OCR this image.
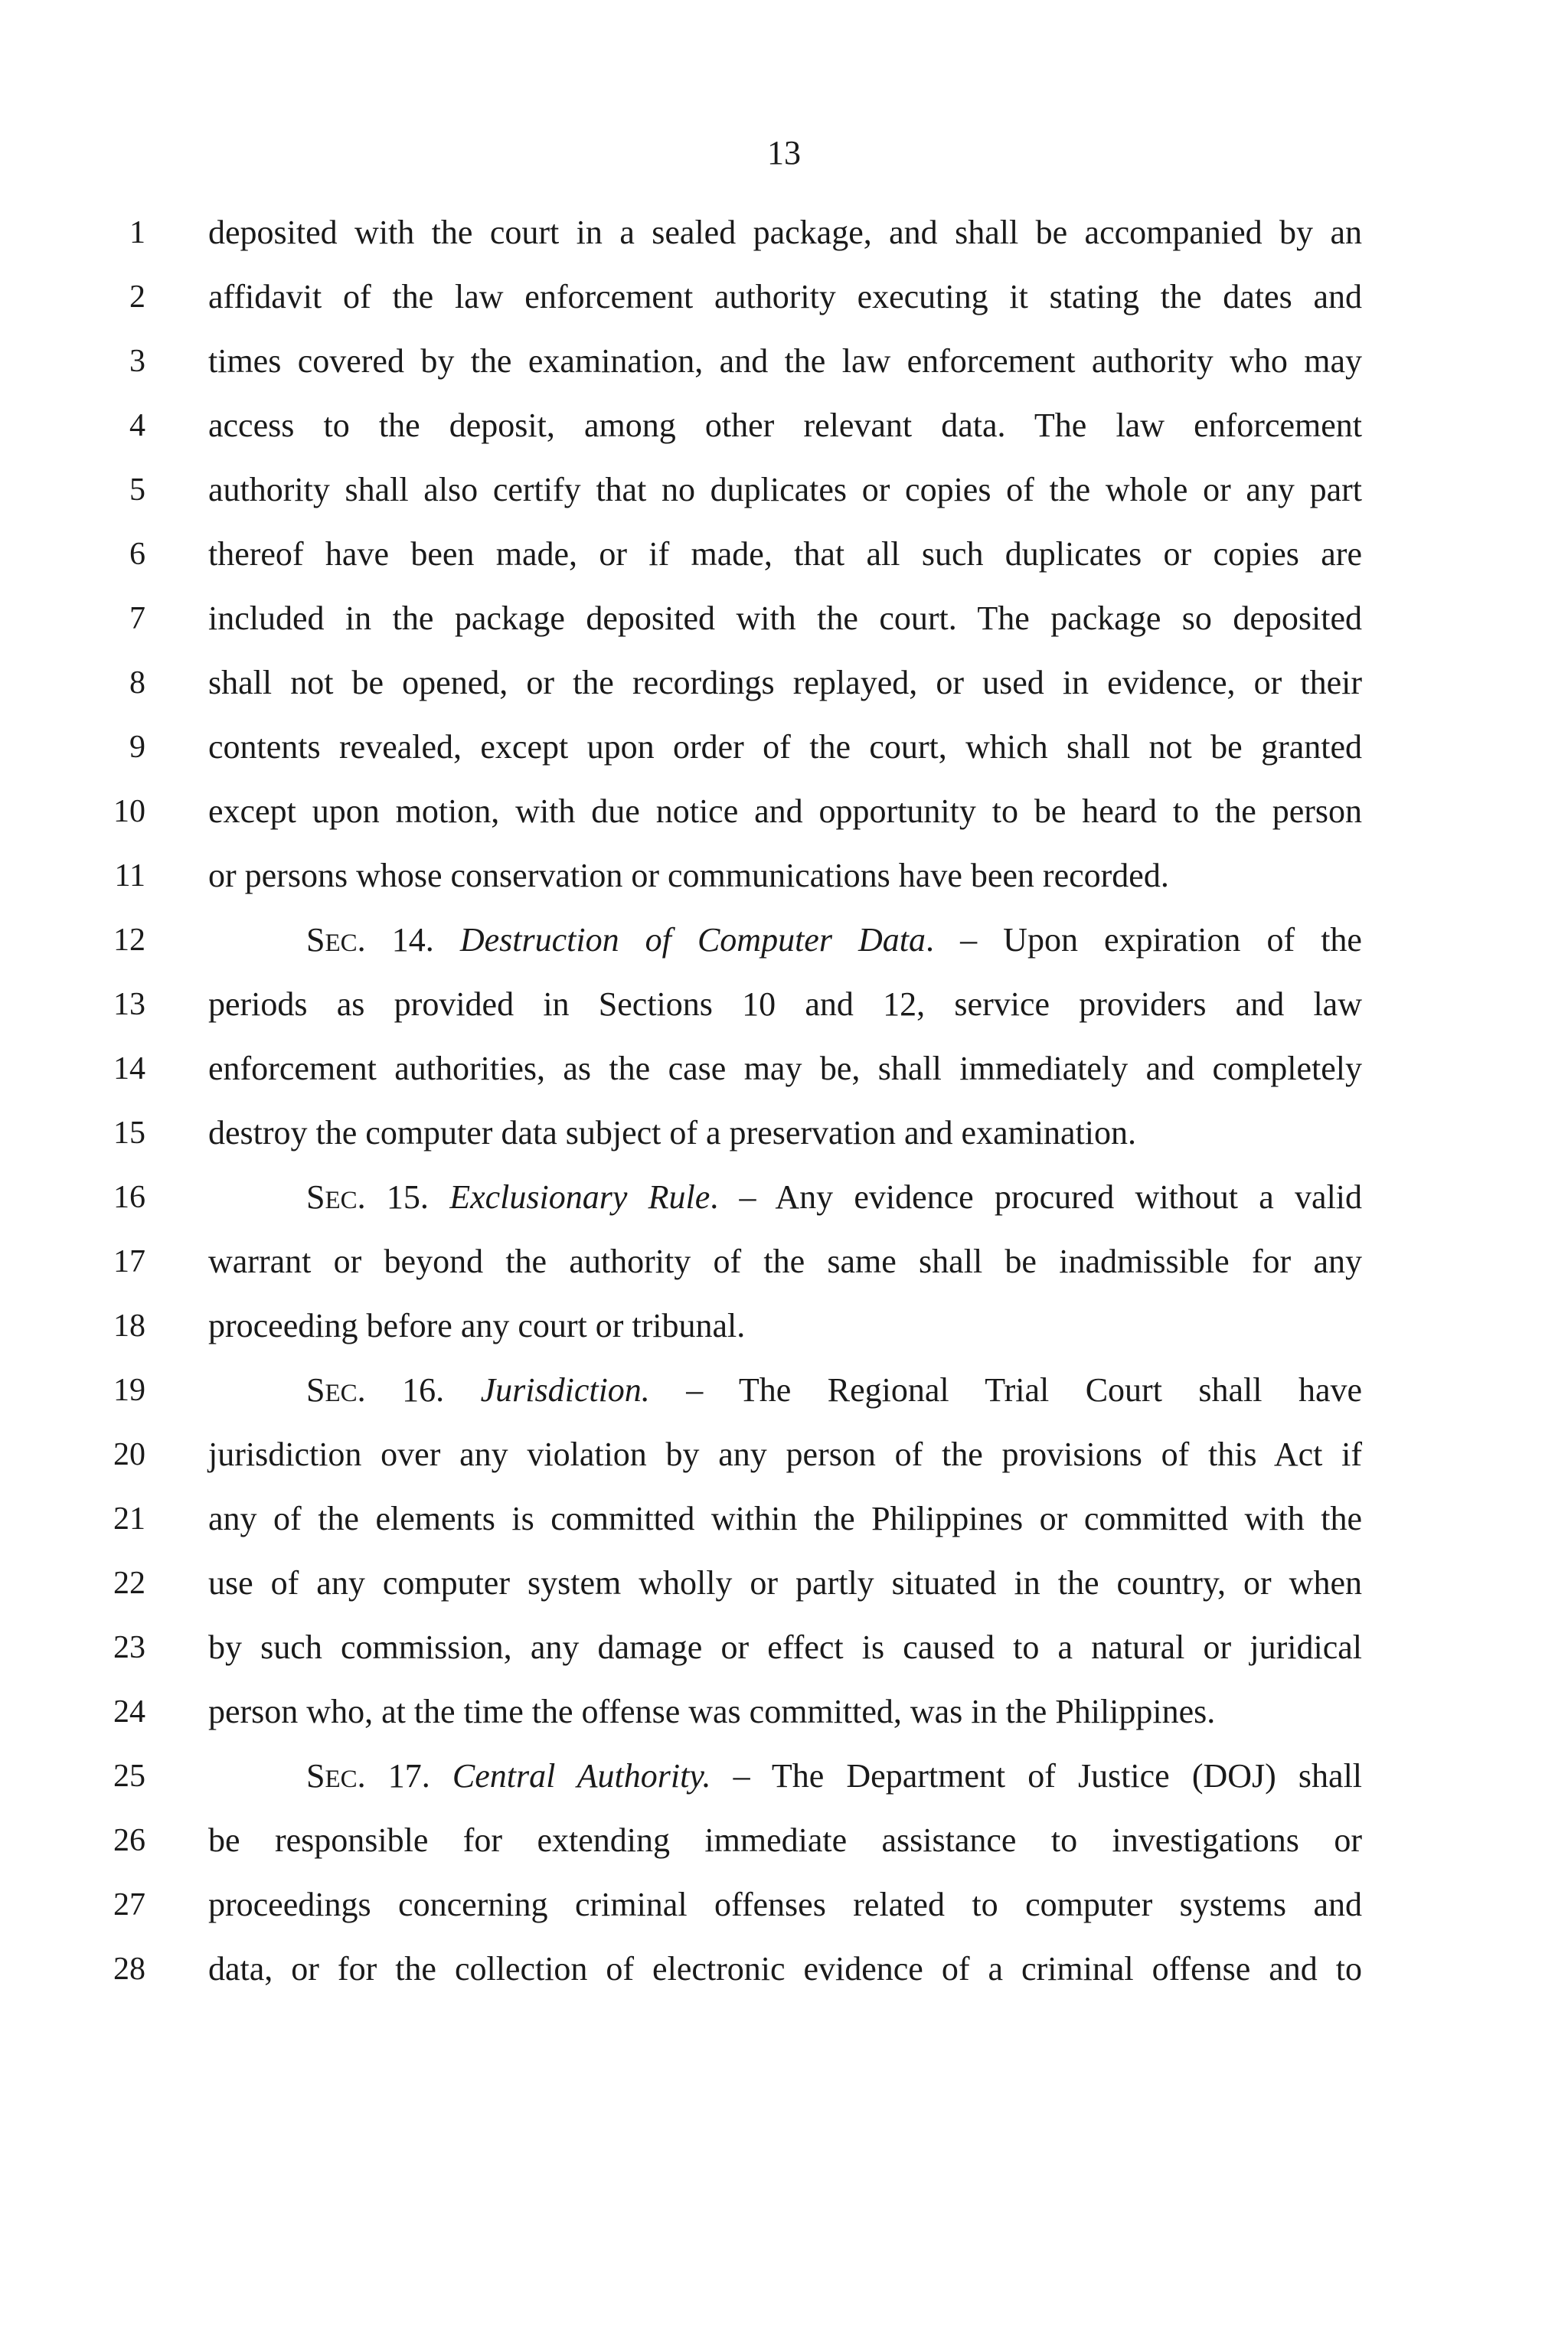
13
1 deposited with the court in a sealed package, and shall be accompanied by an
2 affidavit of the law enforcement authority executing it stating the dates and
3 times covered by the examination, and the law enforcement authority who may
4 access to the deposit, among other relevant data. The law enforcement
5 authority shall also certify that no duplicates or copies of the whole or any part
6 thereof have been made, or if made, that all such duplicates or copies are
7 included in the package deposited with the court. The package so deposited
8 shall not be opened, or the recordings replayed, or used in evidence, or their
9 contents revealed, except upon order of the court, which shall not be granted
10 except upon motion, with due notice and opportunity to be heard to the person
11 or persons whose conservation or communications have been recorded.
12	SEC. 14. Destruction of Computer Data. – Upon expiration of the
13 periods as provided in Sections 10 and 12, service providers and law
14 enforcement authorities, as the case may be, shall immediately and completely
15 destroy the computer data subject of a preservation and examination.
16	SEC. 15. Exclusionary Rule. – Any evidence procured without a valid
17 warrant or beyond the authority of the same shall be inadmissible for any
18 proceeding before any court or tribunal.
19	SEC. 16. Jurisdiction. – The Regional Trial Court shall have
20 jurisdiction over any violation by any person of the provisions of this Act if
21 any of the elements is committed within the Philippines or committed with the
22 use of any computer system wholly or partly situated in the country, or when
23 by such commission, any damage or effect is caused to a natural or juridical
24 person who, at the time the offense was committed, was in the Philippines.
25	SEC. 17. Central Authority. – The Department of Justice (DOJ) shall
26 be responsible for extending immediate assistance to investigations or
27 proceedings concerning criminal offenses related to computer systems and
28 data, or for the collection of electronic evidence of a criminal offense and to
